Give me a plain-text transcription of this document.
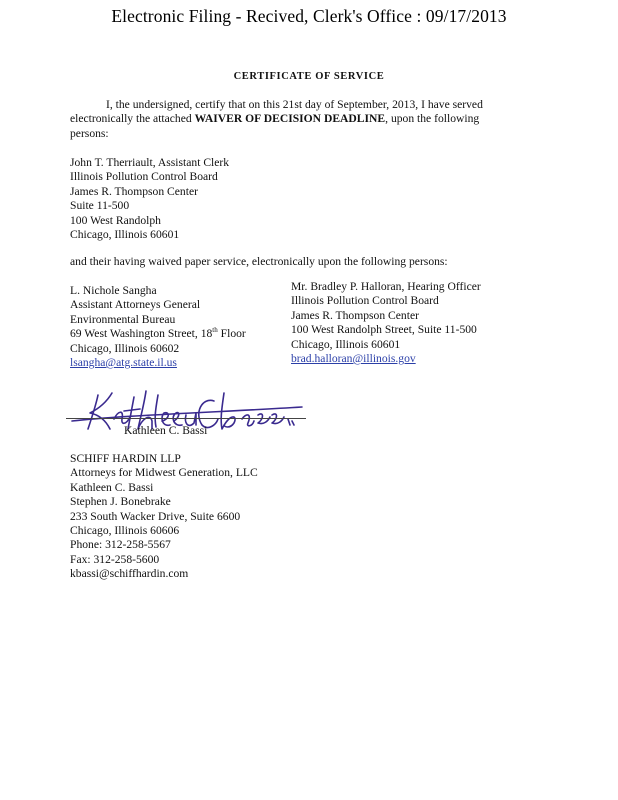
Electronic Filing - Recived, Clerk's Office : 09/17/2013
CERTIFICATE OF SERVICE
I, the undersigned, certify that on this 21st day of September, 2013, I have served
electronically the attached WAIVER OF DECISION DEADLINE, upon the following
persons:
John T. Therriault, Assistant Clerk
Illinois Pollution Control Board
James R. Thompson Center
Suite 11-500
100 West Randolph
Chicago, Illinois 60601
and their having waived paper service, electronically upon the following persons:
L. Nichole Sangha
Assistant Attorneys General
Environmental Bureau
69 West Washington Street, 18th Floor
Chicago, Illinois 60602
lsangha@atg.state.il.us
Mr. Bradley P. Halloran, Hearing Officer
Illinois Pollution Control Board
James R. Thompson Center
100 West Randolph Street, Suite 11-500
Chicago, Illinois 60601
brad.halloran@illinois.gov
Kathleen C. Bassi
SCHIFF HARDIN LLP
Attorneys for Midwest Generation, LLC
Kathleen C. Bassi
Stephen J. Bonebrake
233 South Wacker Drive, Suite 6600
Chicago, Illinois 60606
Phone: 312-258-5567
Fax: 312-258-5600
kbassi@schiffhardin.com
